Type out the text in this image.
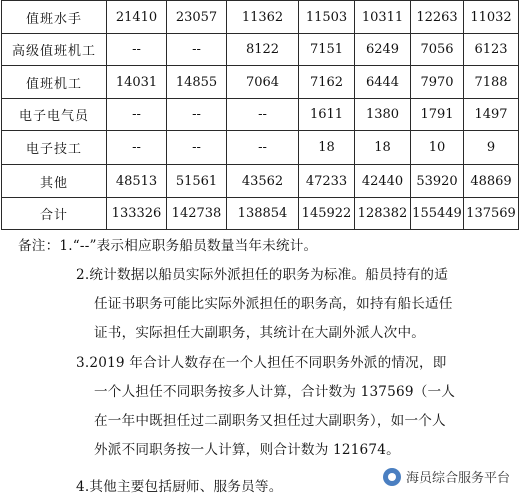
值班水手	21410	23057	11362	11503	10311	12263	11032
高级值班机工	--	--	8122	7151	6249	7056	6123
值班机工	14031	14855	7064	7162	6444	7970	7188
电子电气员	--	--	--	1611	1380	1791	1497
电子技工	--	--	--	18	18	10	9
其他	48513	51561	43562	47233	42440	53920	48869
合计	133326	142738	138854	145922	128382	155449	137569
备注：1.“--”表示相应职务船员数量当年未统计。
2.统计数据以船员实际外派担任的职务为标准。船员持有的适
任证书职务可能比实际外派担任的职务高，如持有船长适任
证书，实际担任大副职务，其统计在大副外派人次中。
3.2019 年合计人数存在一个人担任不同职务外派的情况，即
一个人担任不同职务按多人计算，合计数为 137569（一人
在一年中既担任过二副职务又担任过大副职务），如一个人
外派不同职务按一人计算，则合计数为 121674。
4.其他主要包括厨师、服务员等。
海员综合服务平台
